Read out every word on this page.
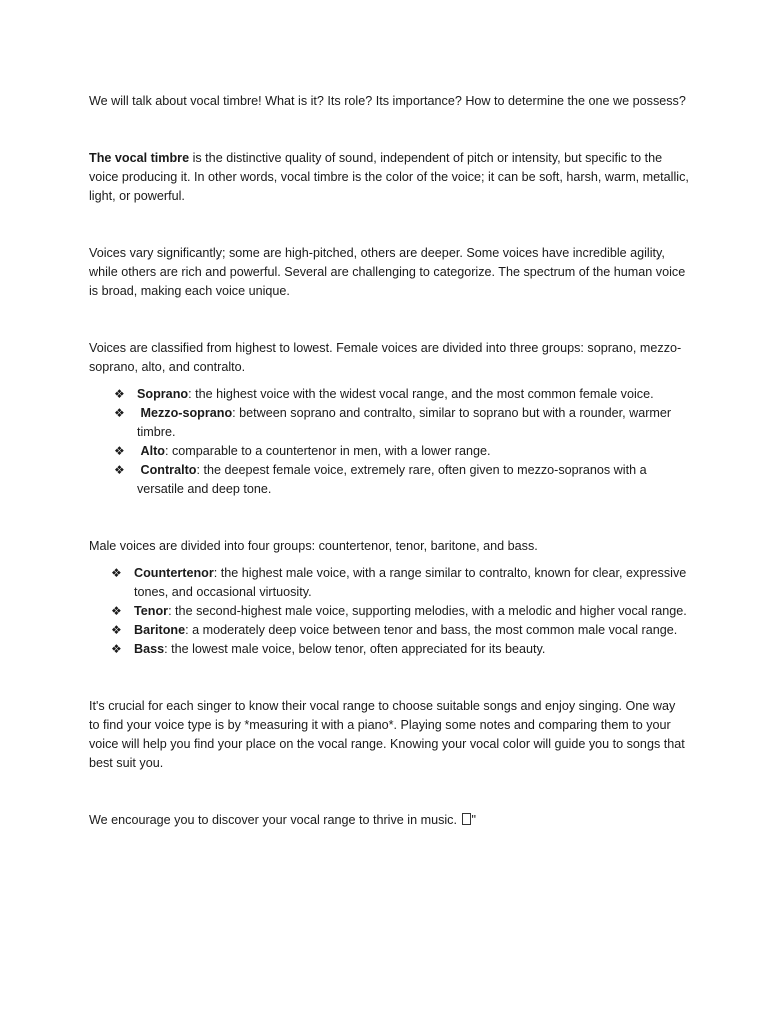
We will talk about vocal timbre! What is it? Its role? Its importance? How to determine the one we possess?

The vocal timbre is the distinctive quality of sound, independent of pitch or intensity, but specific to the voice producing it. In other words, vocal timbre is the color of the voice; it can be soft, harsh, warm, metallic, light, or powerful.

Voices vary significantly; some are high-pitched, others are deeper. Some voices have incredible agility, while others are rich and powerful. Several are challenging to categorize. The spectrum of the human voice is broad, making each voice unique.

Voices are classified from highest to lowest. Female voices are divided into three groups: soprano, mezzo-soprano, alto, and contralto.

❖ Soprano: the highest voice with the widest vocal range, and the most common female voice.
❖ Mezzo-soprano: between soprano and contralto, similar to soprano but with a rounder, warmer timbre.
❖ Alto: comparable to a countertenor in men, with a lower range.
❖ Contralto: the deepest female voice, extremely rare, often given to mezzo-sopranos with a versatile and deep tone.

Male voices are divided into four groups: countertenor, tenor, baritone, and bass.

❖ Countertenor: the highest male voice, with a range similar to contralto, known for clear, expressive tones, and occasional virtuosity.
❖ Tenor: the second-highest male voice, supporting melodies, with a melodic and higher vocal range.
❖ Baritone: a moderately deep voice between tenor and bass, the most common male vocal range.
❖ Bass: the lowest male voice, below tenor, often appreciated for its beauty.

It's crucial for each singer to know their vocal range to choose suitable songs and enjoy singing. One way to find your voice type is by *measuring it with a piano*. Playing some notes and comparing them to your voice will help you find your place on the vocal range. Knowing your vocal color will guide you to songs that best suit you.

We encourage you to discover your vocal range to thrive in music. "
